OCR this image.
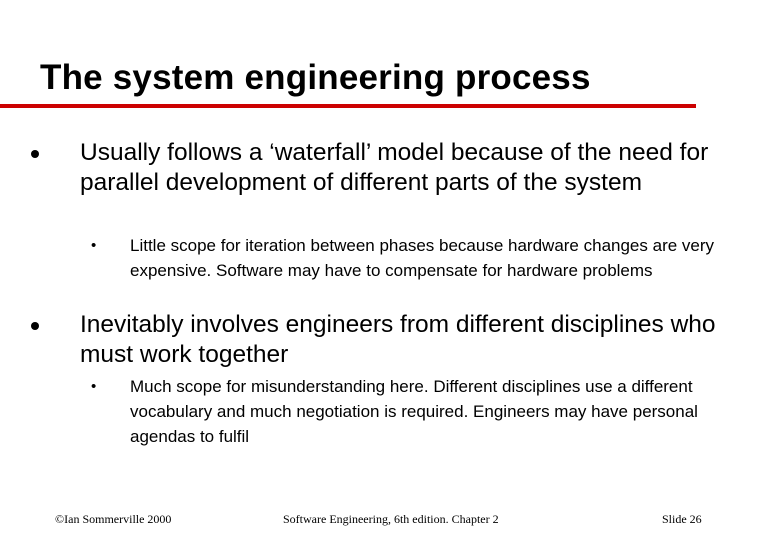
The system engineering process
Usually follows a ‘waterfall’ model because of the need for parallel development of different parts of the system
• Little scope for iteration between phases because hardware changes are very expensive. Software may have to compensate for hardware problems
Inevitably involves engineers from different disciplines who must work together
• Much scope for misunderstanding here. Different disciplines use a different vocabulary and much negotiation is required. Engineers may have personal agendas to fulfil
©Ian Sommerville 2000	Software Engineering, 6th edition. Chapter 2	Slide 26
